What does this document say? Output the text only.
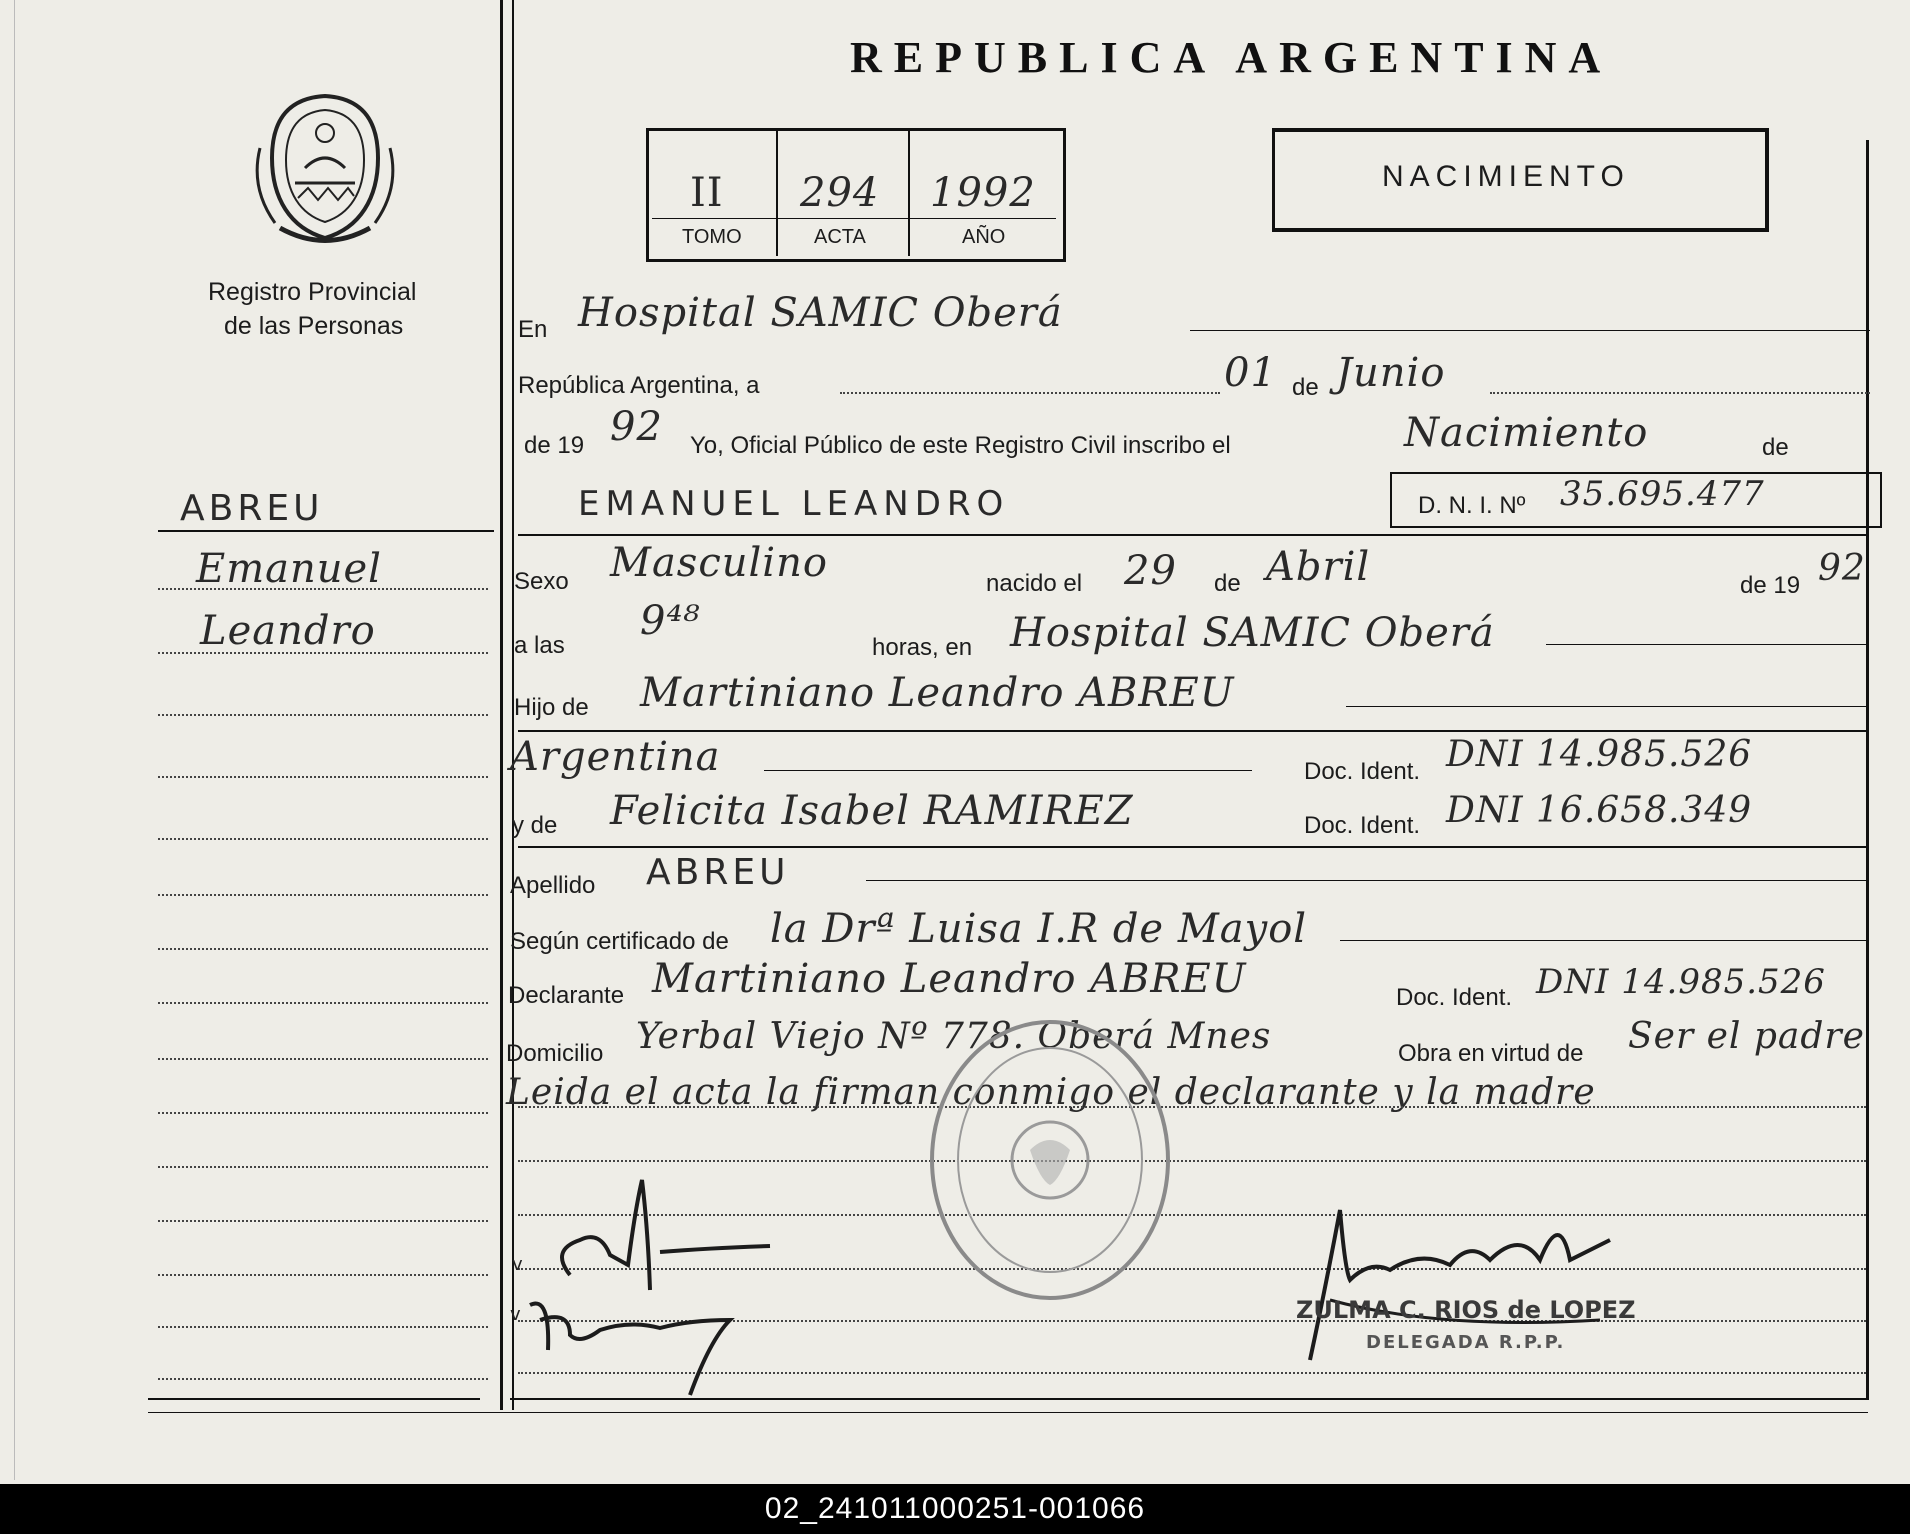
REPUBLICA ARGENTINA
Registro Provincial
de las Personas
II 294 1992
TOMO	ACTA	AÑO
NACIMIENTO
ABREU
Emanuel
Leandro
En Hospital SAMIC Oberá
República Argentina, a	01 de Junio
de 19 92 Yo, Oficial Público de este Registro Civil inscribo el	Nacimiento	de
EMANUEL LEANDRO	D. N. I. Nº 35.695.477
Sexo Masculino	nacido el 29 de Abril	de 19 92
a las
9⁴⁸
horas, en Hospital SAMIC Oberá
Hijo de Martiniano Leandro ABREU
Argentina	Doc. Ident. DNI 14.985.526
y de Felicita Isabel RAMIREZ	Doc. Ident. DNI 16.658.349
Apellido ABREU
Según certificado de la Drª Luisa I.R de Mayol
Declarante Martiniano Leandro ABREU	Doc. Ident. DNI 14.985.526
Domicilio Yerbal Viejo Nº 778. Oberá Mnes	Obra en virtud de Ser el padre
Leida el acta la firman conmigo el declarante y la madre
v
v	ZULMA C. RIOS de LOPEZ
DELEGADA R.P.P.
02_241011000251-001066
